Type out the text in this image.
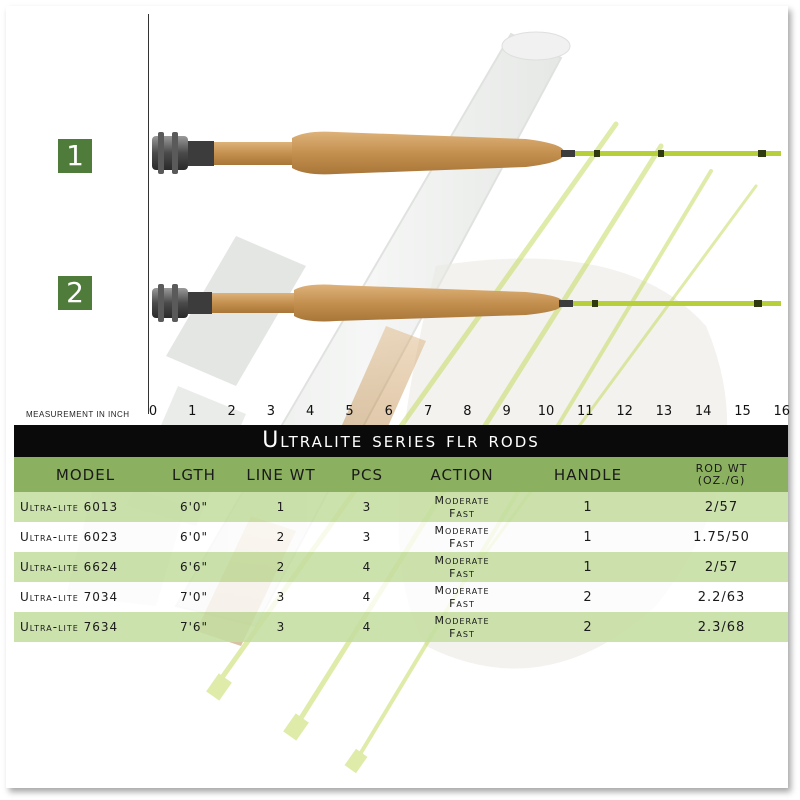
1
2
MEASUREMENT IN INCH 0 1 2 3 4 5 6 7 8 9 10 11 12 13 14 15 16
Ultralite series flr rods
MODEL	LGTH	LINE WT	PCS	ACTION	HANDLE	ROD WT
(OZ./G)

Ultra-lite 6013	6'0"	1	3	Moderate
Fast	1	2/57
Ultra-lite 6023	6'0"	2	3	Moderate
Fast	1	1.75/50
Ultra-lite 6624	6'6"	2	4	Moderate
Fast	1	2/57
Ultra-lite 7034	7'0"	3	4	Moderate
Fast	2	2.2/63
Ultra-lite 7634	7'6"	3	4	Moderate
Fast	2	2.3/68
